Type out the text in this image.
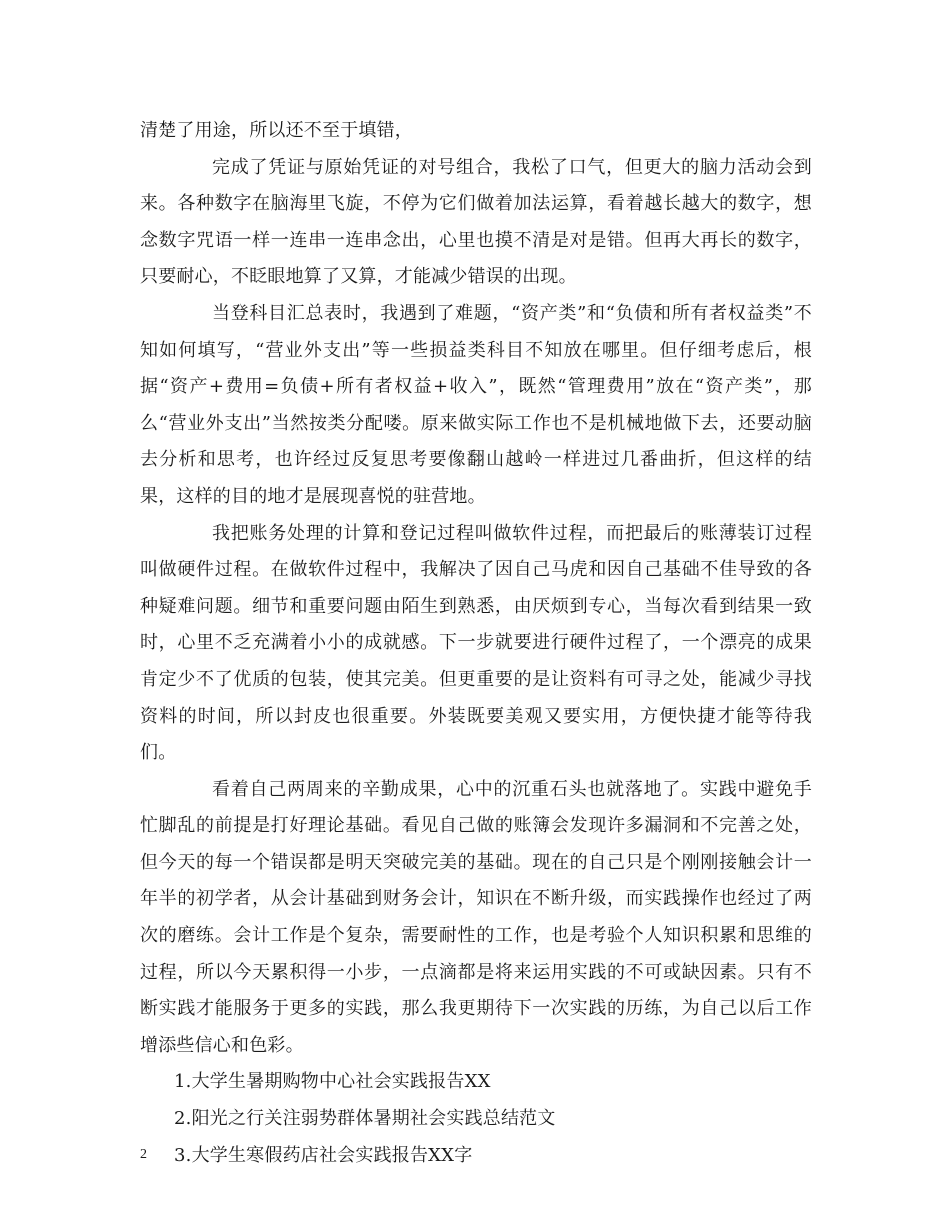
清楚了用途，所以还不至于填错，

完成了凭证与原始凭证的对号组合，我松了口气，但更大的脑力活动会到来。各种数字在脑海里飞旋，不停为它们做着加法运算，看着越长越大的数字，想念数字咒语一样一连串一连串念出，心里也摸不清是对是错。但再大再长的数字，只要耐心，不眨眼地算了又算，才能减少错误的出现。

当登科目汇总表时，我遇到了难题，“资产类”和“负债和所有者权益类”不知如何填写，“营业外支出”等一些损益类科目不知放在哪里。但仔细考虑后，根据“资产+费用=负债+所有者权益+收入”，既然“管理费用”放在“资产类”，那么“营业外支出”当然按类分配喽。原来做实际工作也不是机械地做下去，还要动脑去分析和思考，也许经过反复思考要像翻山越岭一样进过几番曲折，但这样的结果，这样的目的地才是展现喜悦的驻营地。

我把账务处理的计算和登记过程叫做软件过程，而把最后的账薄装订过程叫做硬件过程。在做软件过程中，我解决了因自己马虎和因自己基础不佳导致的各种疑难问题。细节和重要问题由陌生到熟悉，由厌烦到专心，当每次看到结果一致时，心里不乏充满着小小的成就感。下一步就要进行硬件过程了，一个漂亮的成果肯定少不了优质的包装，使其完美。但更重要的是让资料有可寻之处，能减少寻找资料的时间，所以封皮也很重要。外装既要美观又要实用，方便快捷才能等待我们。

看着自己两周来的辛勤成果，心中的沉重石头也就落地了。实践中避免手忙脚乱的前提是打好理论基础。看见自己做的账簿会发现许多漏洞和不完善之处，但今天的每一个错误都是明天突破完美的基础。现在的自己只是个刚刚接触会计一年半的初学者，从会计基础到财务会计，知识在不断升级，而实践操作也经过了两次的磨练。会计工作是个复杂，需要耐性的工作，也是考验个人知识积累和思维的过程，所以今天累积得一小步，一点滴都是将来运用实践的不可或缺因素。只有不断实践才能服务于更多的实践，那么我更期待下一次实践的历练，为自己以后工作增添些信心和色彩。

1.大学生暑期购物中心社会实践报告XX
2.阳光之行关注弱势群体暑期社会实践总结范文
3.大学生寒假药店社会实践报告XX字
2
